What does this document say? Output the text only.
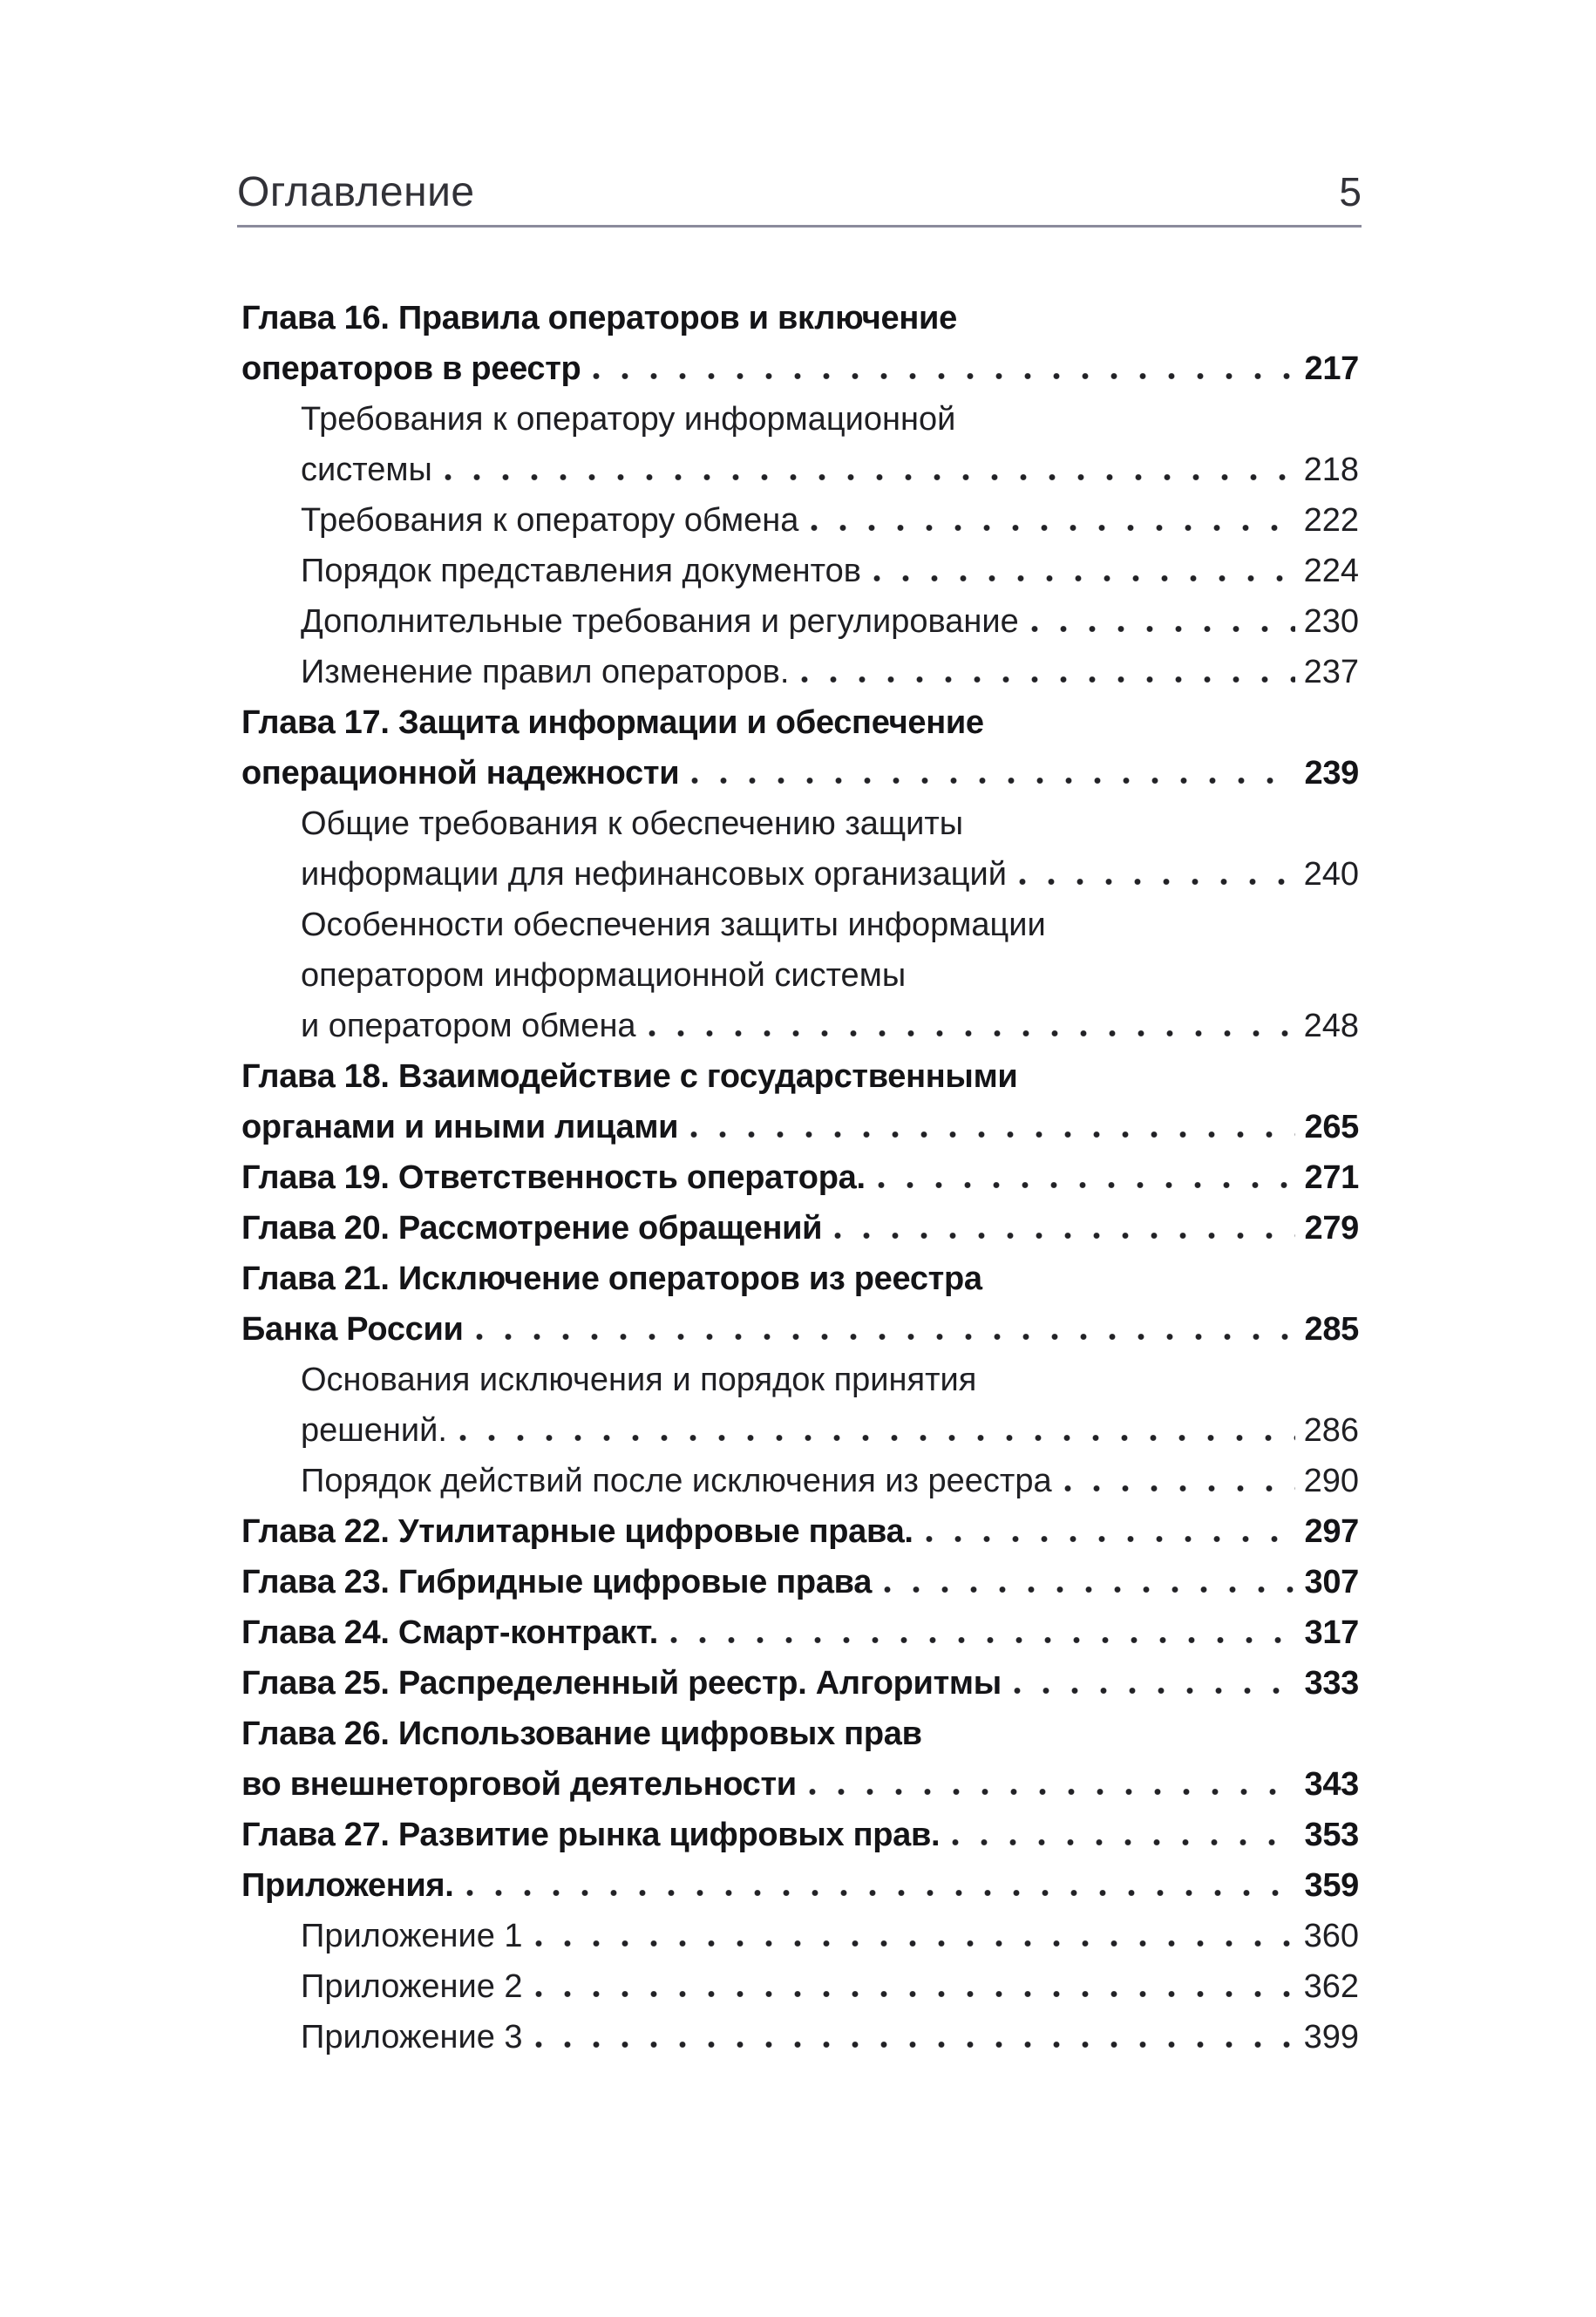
Оглавление	5
Глава 16. Правила операторов и включение
операторов в реестр	217
Требования к оператору информационной
системы	218
Требования к оператору обмена	222
Порядок представления документов	224
Дополнительные требования и регулирование	230
Изменение правил операторов.	237
Глава 17. Защита информации и обеспечение
операционной надежности	239
Общие требования к обеспечению защиты
информации для нефинансовых организаций	240
Особенности обеспечения защиты информации
оператором информационной системы
и оператором обмена	248
Глава 18. Взаимодействие с государственными
органами и иными лицами	265
Глава 19. Ответственность оператора.	271
Глава 20. Рассмотрение обращений	279
Глава 21. Исключение операторов из реестра
Банка России	285
Основания исключения и порядок принятия
решений.	286
Порядок действий после исключения из реестра	290
Глава 22. Утилитарные цифровые права.	297
Глава 23. Гибридные цифровые права	307
Глава 24. Смарт-контракт.	317
Глава 25. Распределенный реестр. Алгоритмы	333
Глава 26. Использование цифровых прав
во внешнеторговой деятельности	343
Глава 27. Развитие рынка цифровых прав.	353
Приложения.	359
Приложение 1	360
Приложение 2	362
Приложение 3	399
